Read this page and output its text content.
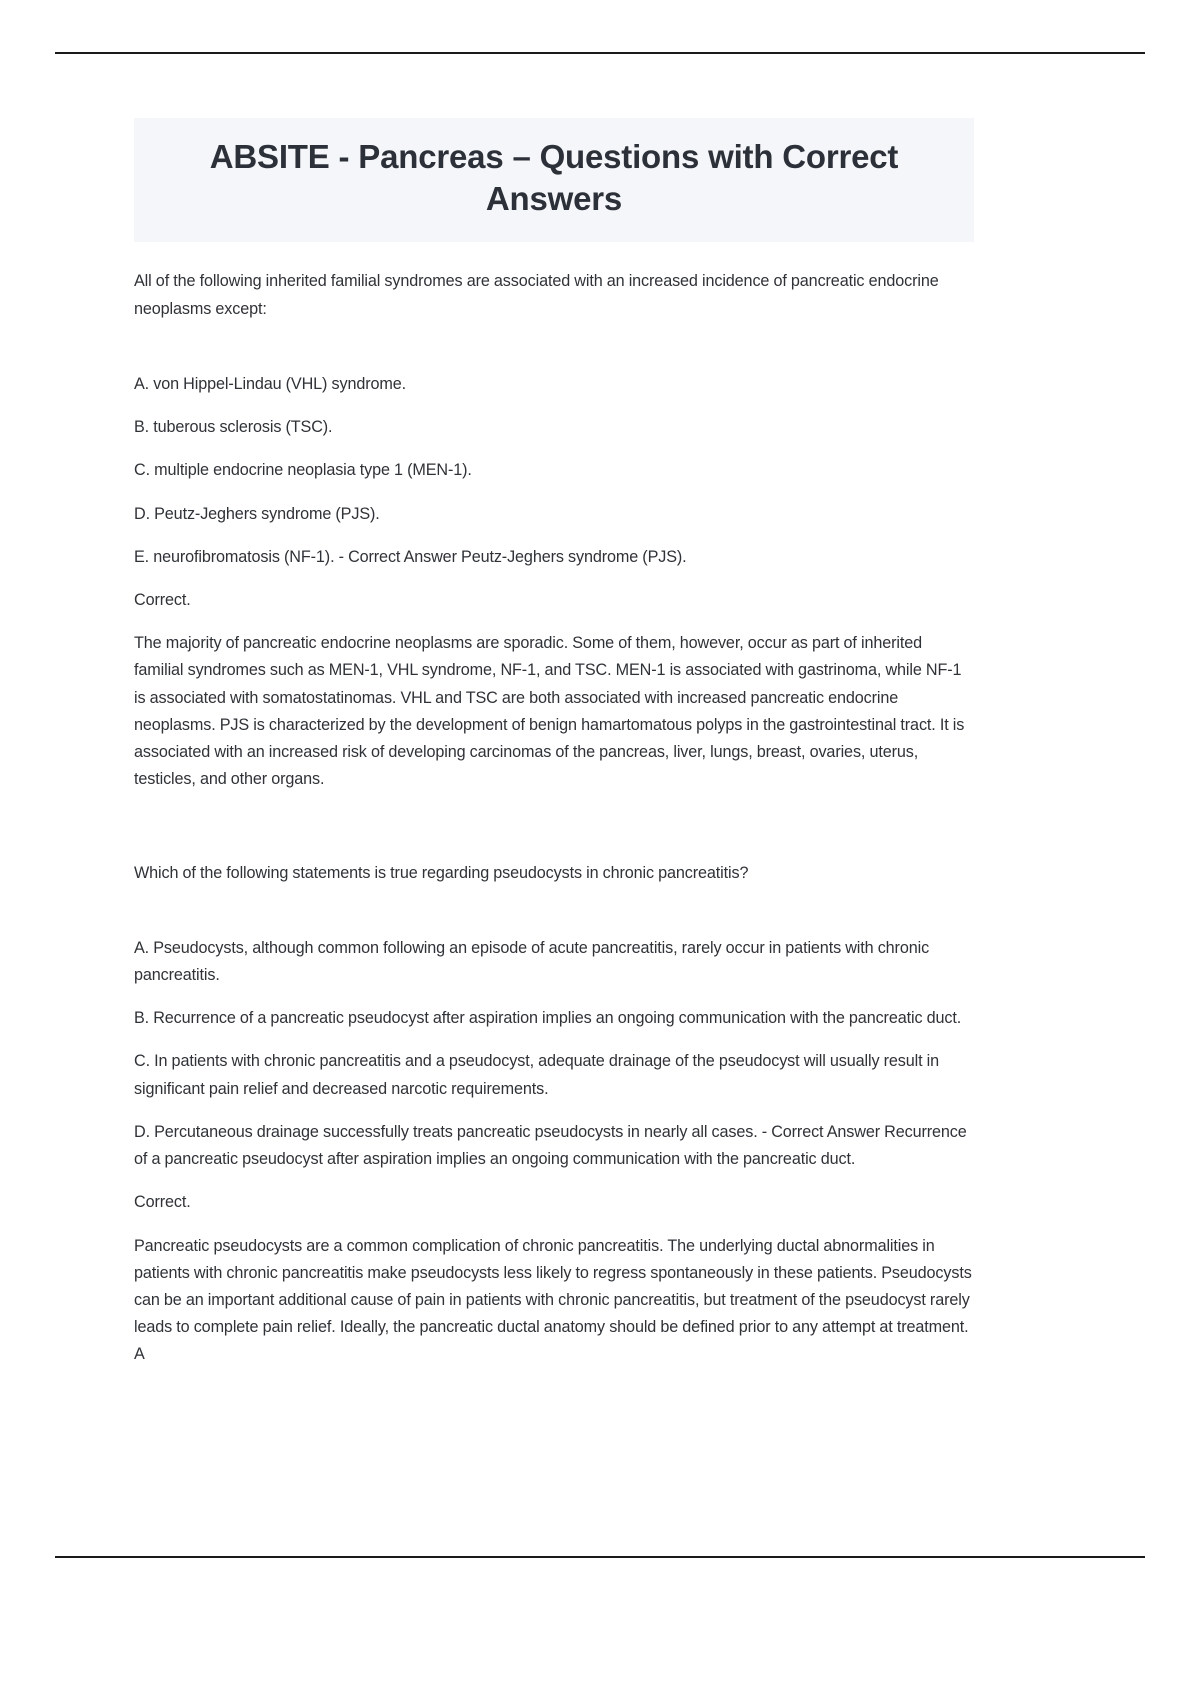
ABSITE - Pancreas – Questions with Correct Answers

All of the following inherited familial syndromes are associated with an increased incidence of pancreatic endocrine neoplasms except:

A. von Hippel-Lindau (VHL) syndrome.

B. tuberous sclerosis (TSC).

C. multiple endocrine neoplasia type 1 (MEN-1).

D. Peutz-Jeghers syndrome (PJS).

E. neurofibromatosis (NF-1). - Correct Answer Peutz-Jeghers syndrome (PJS).

Correct.

The majority of pancreatic endocrine neoplasms are sporadic. Some of them, however, occur as part of inherited familial syndromes such as MEN-1, VHL syndrome, NF-1, and TSC. MEN-1 is associated with gastrinoma, while NF-1 is associated with somatostatinomas. VHL and TSC are both associated with increased pancreatic endocrine neoplasms. PJS is characterized by the development of benign hamartomatous polyps in the gastrointestinal tract. It is associated with an increased risk of developing carcinomas of the pancreas, liver, lungs, breast, ovaries, uterus, testicles, and other organs.

Which of the following statements is true regarding pseudocysts in chronic pancreatitis?

A. Pseudocysts, although common following an episode of acute pancreatitis, rarely occur in patients with chronic pancreatitis.

B. Recurrence of a pancreatic pseudocyst after aspiration implies an ongoing communication with the pancreatic duct.

C. In patients with chronic pancreatitis and a pseudocyst, adequate drainage of the pseudocyst will usually result in significant pain relief and decreased narcotic requirements.

D. Percutaneous drainage successfully treats pancreatic pseudocysts in nearly all cases. - Correct Answer Recurrence of a pancreatic pseudocyst after aspiration implies an ongoing communication with the pancreatic duct.

Correct.

Pancreatic pseudocysts are a common complication of chronic pancreatitis. The underlying ductal abnormalities in patients with chronic pancreatitis make pseudocysts less likely to regress spontaneously in these patients. Pseudocysts can be an important additional cause of pain in patients with chronic pancreatitis, but treatment of the pseudocyst rarely leads to complete pain relief. Ideally, the pancreatic ductal anatomy should be defined prior to any attempt at treatment. A
